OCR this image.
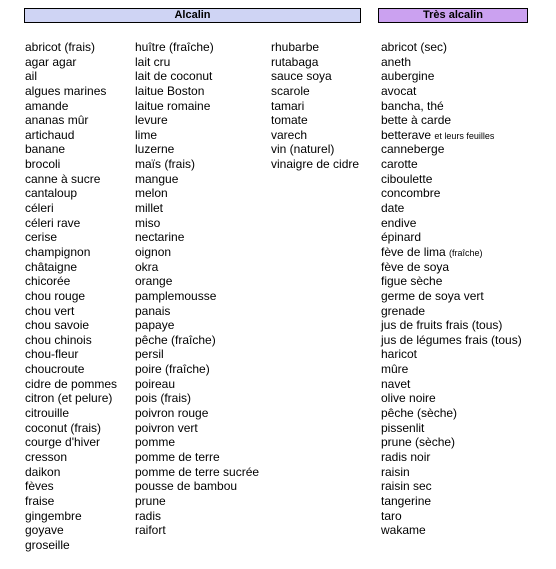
Alcalin	Très alcalin
abricot (frais)
agar agar
ail
algues marines
amande
ananas mûr
artichaud
banane
brocoli
canne à sucre
cantaloup
céleri
céleri rave
cerise
champignon
châtaigne
chicorée
chou rouge
chou vert
chou savoie
chou chinois
chou-fleur
choucroute
cidre de pommes
citron (et pelure)
citrouille
coconut (frais)
courge d'hiver
cresson
daikon
fèves
fraise
gingembre
goyave
groseille
huître (fraîche)
lait cru
lait de coconut
laitue Boston
laitue romaine
levure
lime
luzerne
maïs (frais)
mangue
melon
millet
miso
nectarine
oignon
okra
orange
pamplemousse
panais
papaye
pêche (fraîche)
persil
poire (fraîche)
poireau
pois (frais)
poivron rouge
poivron vert
pomme
pomme de terre
pomme de terre sucrée
pousse de bambou
prune
radis
raifort
rhubarbe
rutabaga
sauce soya
scarole
tamari
tomate
varech
vin (naturel)
vinaigre de cidre
abricot (sec)
aneth
aubergine
avocat
bancha, thé
bette à carde
betterave et leurs feuilles
canneberge
carotte
ciboulette
concombre
date
endive
épinard
fève de lima (fraîche)
fève de soya
figue sèche
germe de soya vert
grenade
jus de fruits frais (tous)
jus de légumes frais (tous)
haricot
mûre
navet
olive noire
pêche (sèche)
pissenlit
prune (sèche)
radis noir
raisin
raisin sec
tangerine
taro
wakame
